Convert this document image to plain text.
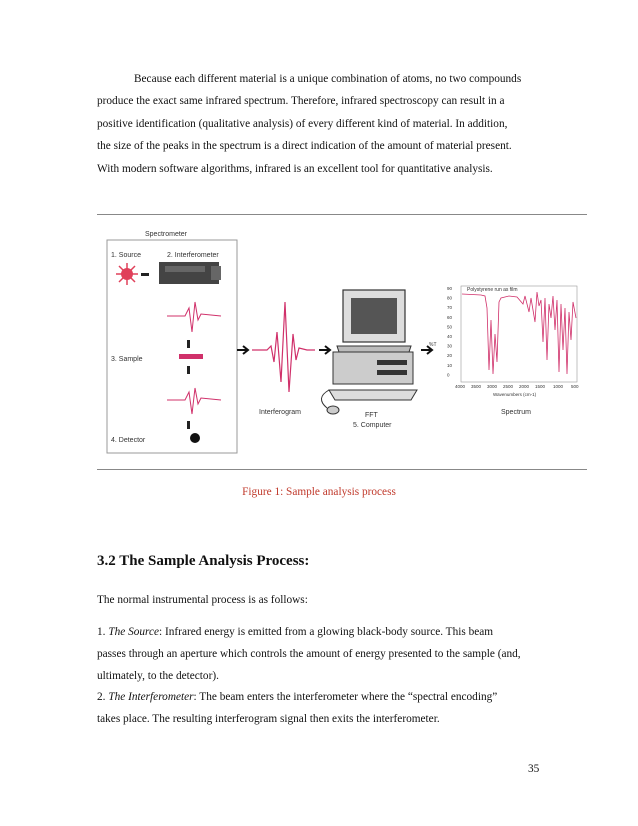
Because each different material is a unique combination of atoms, no two compounds
produce the exact same infrared spectrum. Therefore, infrared spectroscopy can result in a
positive identification (qualitative analysis) of every different kind of material. In addition,
the size of the peaks in the spectrum is a direct indication of the amount of material present.
With modern software algorithms, infrared is an excellent tool for quantitative analysis.
Spectrometer
1. Source	2. Interferometer
3. Sample
4. Detector
Interferogram	FFT
5. Computer
%T
Polystyrene run as film
90
80
70
60
50
40
30
20
10
0
4000 3500 3000 2500 2000 1500 1000 500
Wavenumbers (cm-1)
Spectrum
Figure 1: Sample analysis process
3.2 The Sample Analysis Process:
The normal instrumental process is as follows:
1. The Source: Infrared energy is emitted from a glowing black-body source. This beam
passes through an aperture which controls the amount of energy presented to the sample (and,
ultimately, to the detector).
2. The Interferometer: The beam enters the interferometer where the “spectral encoding”
takes place. The resulting interferogram signal then exits the interferometer.
35
